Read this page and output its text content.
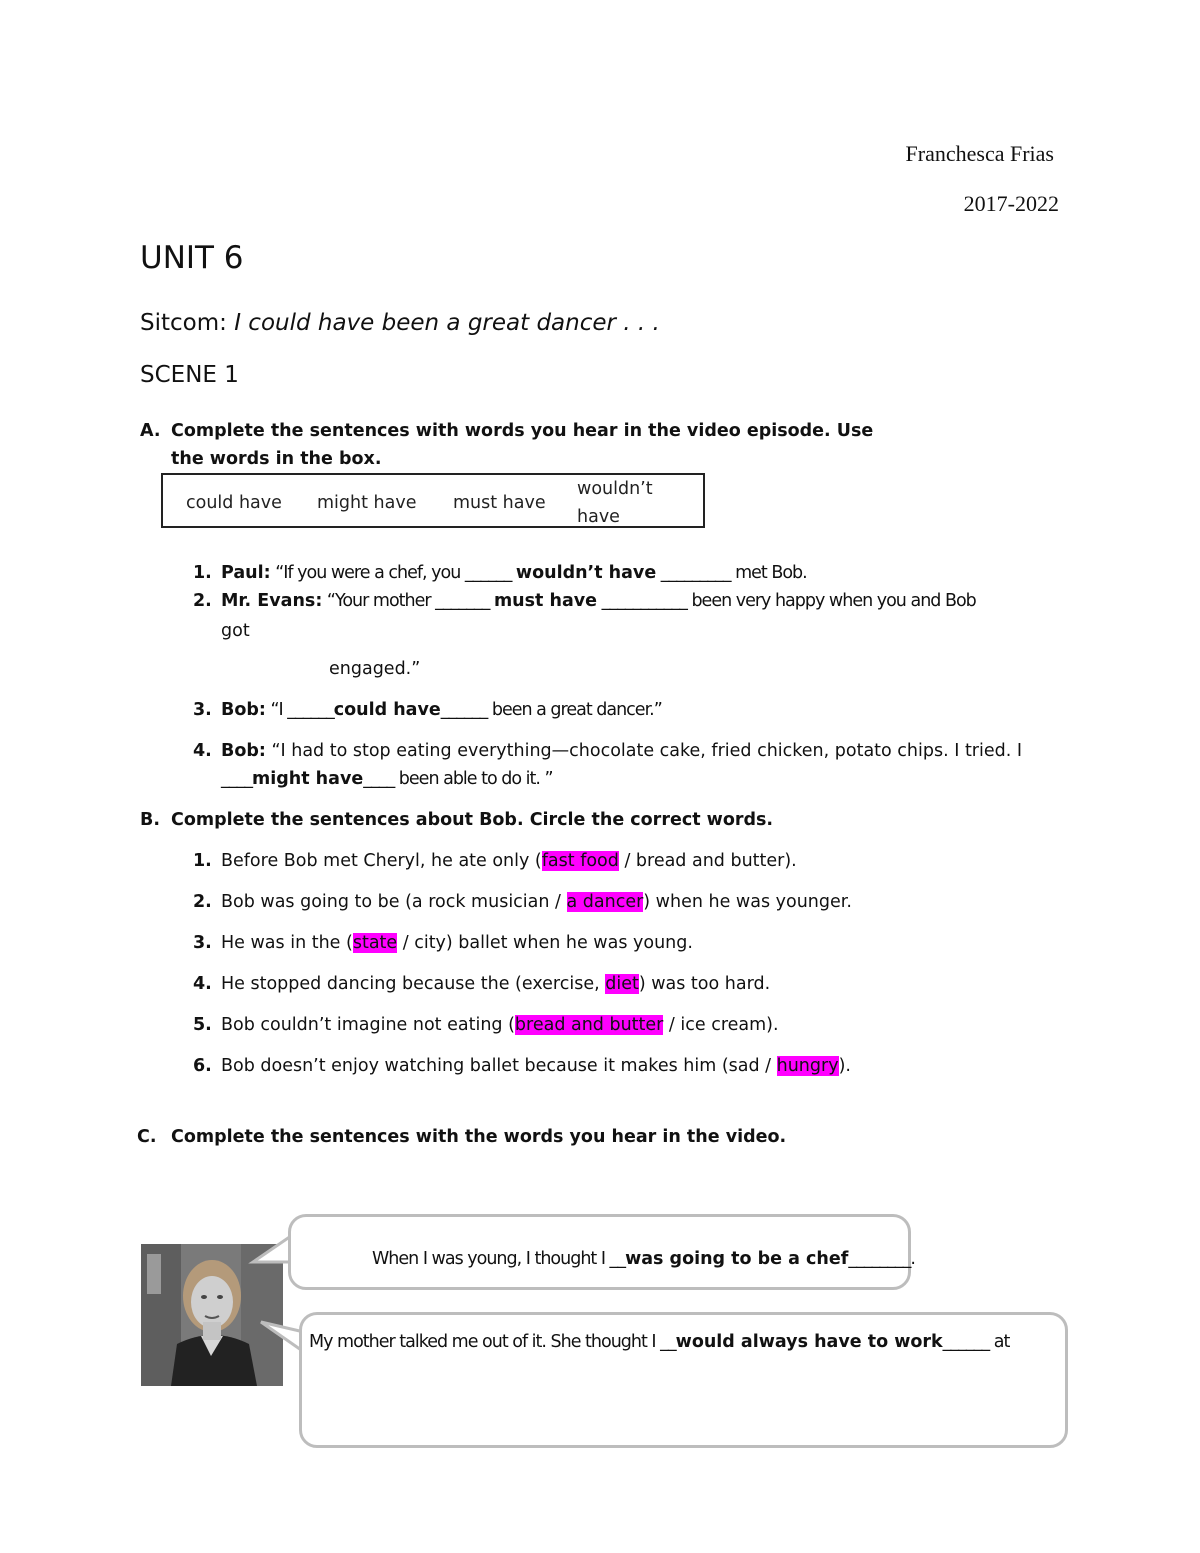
Franchesca Frias
2017-2022
UNIT 6
Sitcom: I could have been a great dancer . . .
SCENE 1
A. Complete the sentences with words you hear in the video episode. Use
the words in the box.
could have might have must have
wouldn’t
have
1. Paul: “If you were a chef, you ______ wouldn’t have _________ met Bob.
2. Mr. Evans: “Your mother _______ must have ___________ been very happy when you and Bob
got
engaged.”
3. Bob: “I ______could have______ been a great dancer.”
4. Bob: “I had to stop eating everything—chocolate cake, fried chicken, potato chips. I tried. I
____might have____ been able to do it. ”
B. Complete the sentences about Bob. Circle the correct words.
1. Before Bob met Cheryl, he ate only (fast food / bread and butter).
2. Bob was going to be (a rock musician / a dancer) when he was younger.
3. He was in the (state / city) ballet when he was young.
4. He stopped dancing because the (exercise, diet) was too hard.
5. Bob couldn’t imagine not eating (bread and butter / ice cream).
6. Bob doesn’t enjoy watching ballet because it makes him (sad / hungry).
C. Complete the sentences with the words you hear in the video.
When I was young, I thought I __was going to be a chef________.
My mother talked me out of it. She thought I __would always have to work______ at
